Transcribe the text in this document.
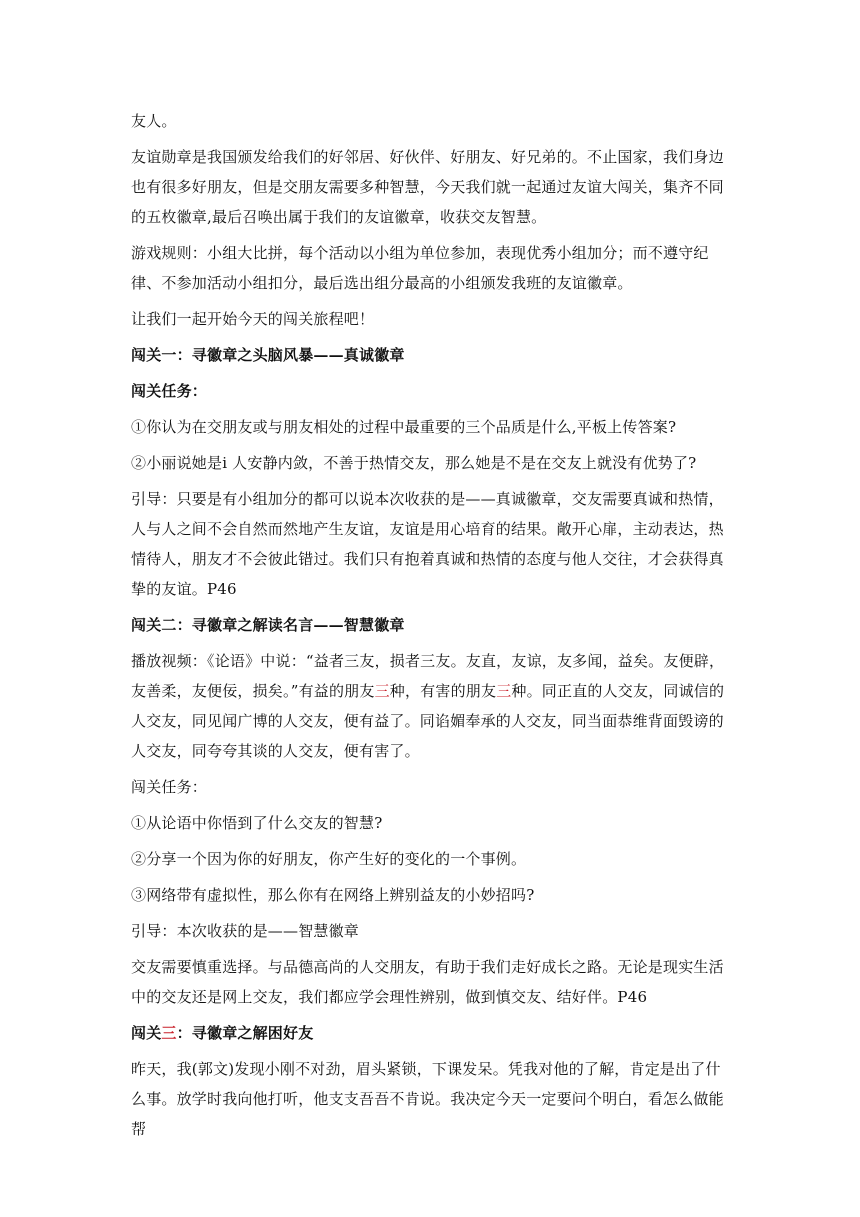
友人。

友谊勋章是我国颁发给我们的好邻居、好伙伴、好朋友、好兄弟的。不止国家，我们身边也有很多好朋友，但是交朋友需要多种智慧，今天我们就一起通过友谊大闯关，集齐不同的五枚徽章,最后召唤出属于我们的友谊徽章，收获交友智慧。

游戏规则：小组大比拼，每个活动以小组为单位参加，表现优秀小组加分；而不遵守纪律、不参加活动小组扣分，最后选出组分最高的小组颁发我班的友谊徽章。

让我们一起开始今天的闯关旅程吧！

闯关一：寻徽章之头脑风暴——真诚徽章

闯关任务：

①你认为在交朋友或与朋友相处的过程中最重要的三个品质是什么,平板上传答案?

②小丽说她是i 人安静内敛，不善于热情交友，那么她是不是在交友上就没有优势了?

引导：只要是有小组加分的都可以说本次收获的是——真诚徽章，交友需要真诚和热情，人与人之间不会自然而然地产生友谊，友谊是用心培育的结果。敞开心扉，主动表达，热情待人，朋友才不会彼此错过。我们只有抱着真诚和热情的态度与他人交往，才会获得真挚的友谊。P46

闯关二：寻徽章之解读名言——智慧徽章

播放视频：《论语》中说：“益者三友，损者三友。友直，友谅，友多闻，益矣。友便辟，友善柔，友便佞，损矣。”有益的朋友三种，有害的朋友三种。同正直的人交友，同诚信的人交友，同见闻广博的人交友，便有益了。同谄媚奉承的人交友，同当面恭维背面毁谤的人交友，同夸夸其谈的人交友，便有害了。

闯关任务：

①从论语中你悟到了什么交友的智慧?

②分享一个因为你的好朋友，你产生好的变化的一个事例。

③网络带有虚拟性，那么你有在网络上辨别益友的小妙招吗?

引导：本次收获的是——智慧徽章

交友需要慎重选择。与品德高尚的人交朋友，有助于我们走好成长之路。无论是现实生活中的交友还是网上交友，我们都应学会理性辨别，做到慎交友、结好伴。P46

闯关三：寻徽章之解困好友

昨天，我(郭文)发现小刚不对劲，眉头紧锁，下课发呆。凭我对他的了解，肯定是出了什么事。放学时我向他打听，他支支吾吾不肯说。我决定今天一定要问个明白，看怎么做能帮
